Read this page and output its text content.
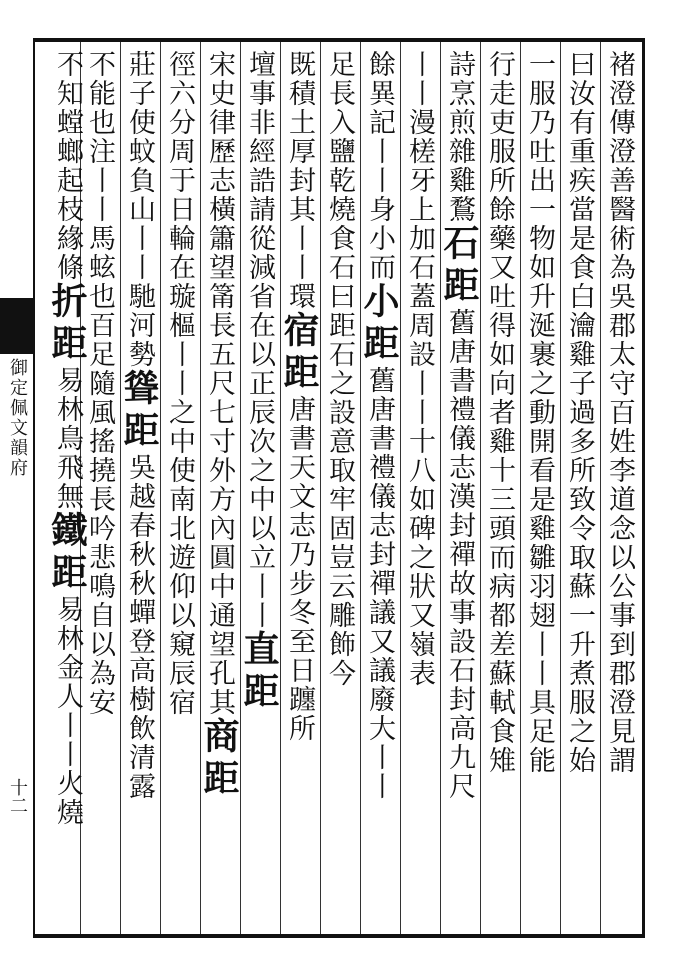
御定佩文韻府
十二
褚澄傳澄善醫術為吳郡太守百姓李道念以公事到郡澄見謂
曰汝有重疾當是食白瀹雞子過多所致令取蘇一升煮服之始
一服乃吐出一物如升涎裹之動開看是雞雛羽翅丨丨具足能
行走吏服所餘藥又吐得如向者雞十三頭而病都差蘇軾食雉
詩烹煎雜雞鶩石距舊唐書禮儀志漢封禪故事設石封高九尺
丨丨漫槎牙上加石蓋周設丨丨十八如碑之狀又嶺表
餘異記丨丨身小而小距舊唐書禮儀志封禪議又議廢大丨丨
足長入鹽乾燒食石曰距石之設意取牢固豈云雕飾今
既積土厚封其丨丨環宿距唐書天文志乃步冬至日躔所
壇事非經誥請從減省在以正辰次之中以立丨丨直距
宋史律歷志橫簫望筩長五尺七寸外方內圓中通望孔其商距
徑六分周于日輪在璇樞丨丨之中使南北遊仰以窺辰宿
莊子使蚊負山丨丨馳河勢聳距吳越春秋秋蟬登高樹飲清露
不能也注丨丨馬蚿也百足隨風搖撓長吟悲鳴自以為安
不知螳螂起枝緣條折距易林鳥飛無鐵距易林金人丨丨火燒
